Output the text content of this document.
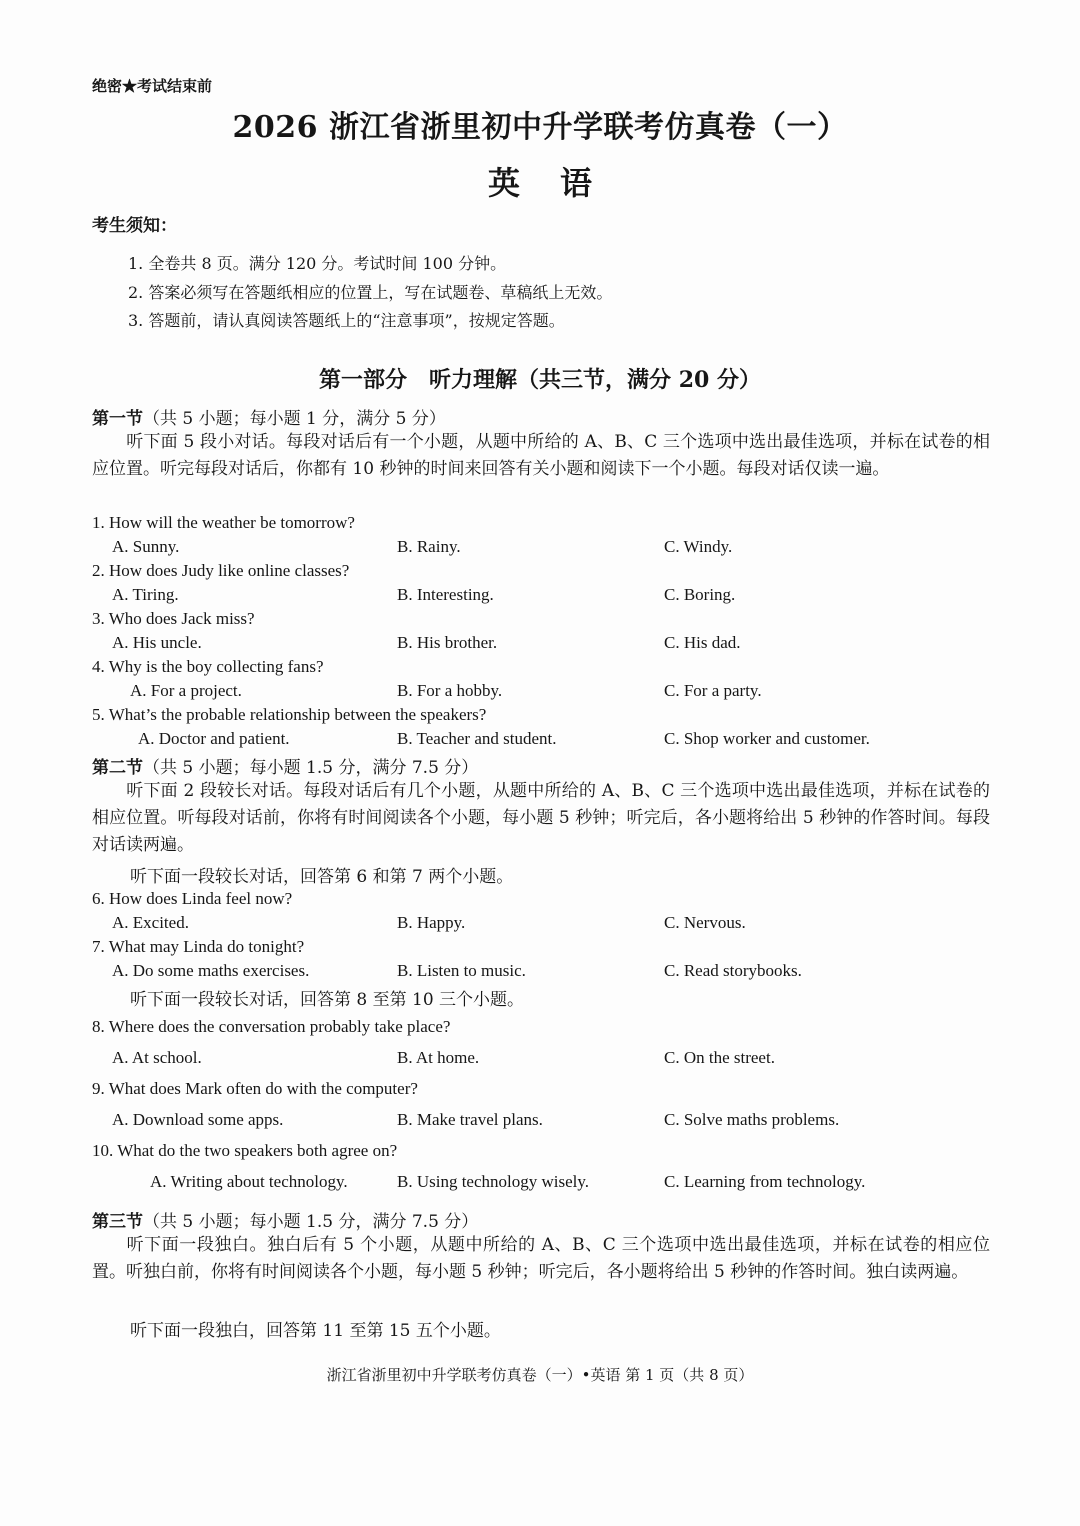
绝密★考试结束前
2026 浙江省浙里初中升学联考仿真卷（一）
英语
考生须知：
1. 全卷共 8 页。满分 120 分。考试时间 100 分钟。
2. 答案必须写在答题纸相应的位置上，写在试题卷、草稿纸上无效。
3. 答题前，请认真阅读答题纸上的“注意事项”，按规定答题。
第一部分　听力理解（共三节，满分 20 分）
第一节（共 5 小题；每小题 1 分，满分 5 分）
听下面 5 段小对话。每段对话后有一个小题，从题中所给的 A、B、C 三个选项中选出最佳选项，并标在试卷的相应位置。听完每段对话后，你都有 10 秒钟的时间来回答有关小题和阅读下一个小题。每段对话仅读一遍。
1. How will the weather be tomorrow?
A. Sunny.	B. Rainy.	C. Windy.
2. How does Judy like online classes?
A. Tiring.	B. Interesting.	C. Boring.
3. Who does Jack miss?
A. His uncle.	B. His brother.	C. His dad.
4. Why is the boy collecting fans?
A. For a project.	B. For a hobby.	C. For a party.
5. What’s the probable relationship between the speakers?
A. Doctor and patient.	B. Teacher and student.	C. Shop worker and customer.
第二节（共 5 小题；每小题 1.5 分，满分 7.5 分）
听下面 2 段较长对话。每段对话后有几个小题，从题中所给的 A、B、C 三个选项中选出最佳选项，并标在试卷的相应位置。听每段对话前，你将有时间阅读各个小题，每小题 5 秒钟；听完后，各小题将给出 5 秒钟的作答时间。每段对话读两遍。
听下面一段较长对话，回答第 6 和第 7 两个小题。
6. How does Linda feel now?
A. Excited.	B. Happy.	C. Nervous.
7. What may Linda do tonight?
A. Do some maths exercises.	B. Listen to music.	C. Read storybooks.
听下面一段较长对话，回答第 8 至第 10 三个小题。
8. Where does the conversation probably take place?
A. At school.	B. At home.	C. On the street.
9. What does Mark often do with the computer?
A. Download some apps.	B. Make travel plans.	C. Solve maths problems.
10. What do the two speakers both agree on?
A. Writing about technology.	B. Using technology wisely.	C. Learning from technology.
第三节（共 5 小题；每小题 1.5 分，满分 7.5 分）
听下面一段独白。独白后有 5 个小题，从题中所给的 A、B、C 三个选项中选出最佳选项，并标在试卷的相应位置。听独白前，你将有时间阅读各个小题，每小题 5 秒钟；听完后，各小题将给出 5 秒钟的作答时间。独白读两遍。
听下面一段独白，回答第 11 至第 15 五个小题。
浙江省浙里初中升学联考仿真卷（一）•英语 第 1 页（共 8 页）
